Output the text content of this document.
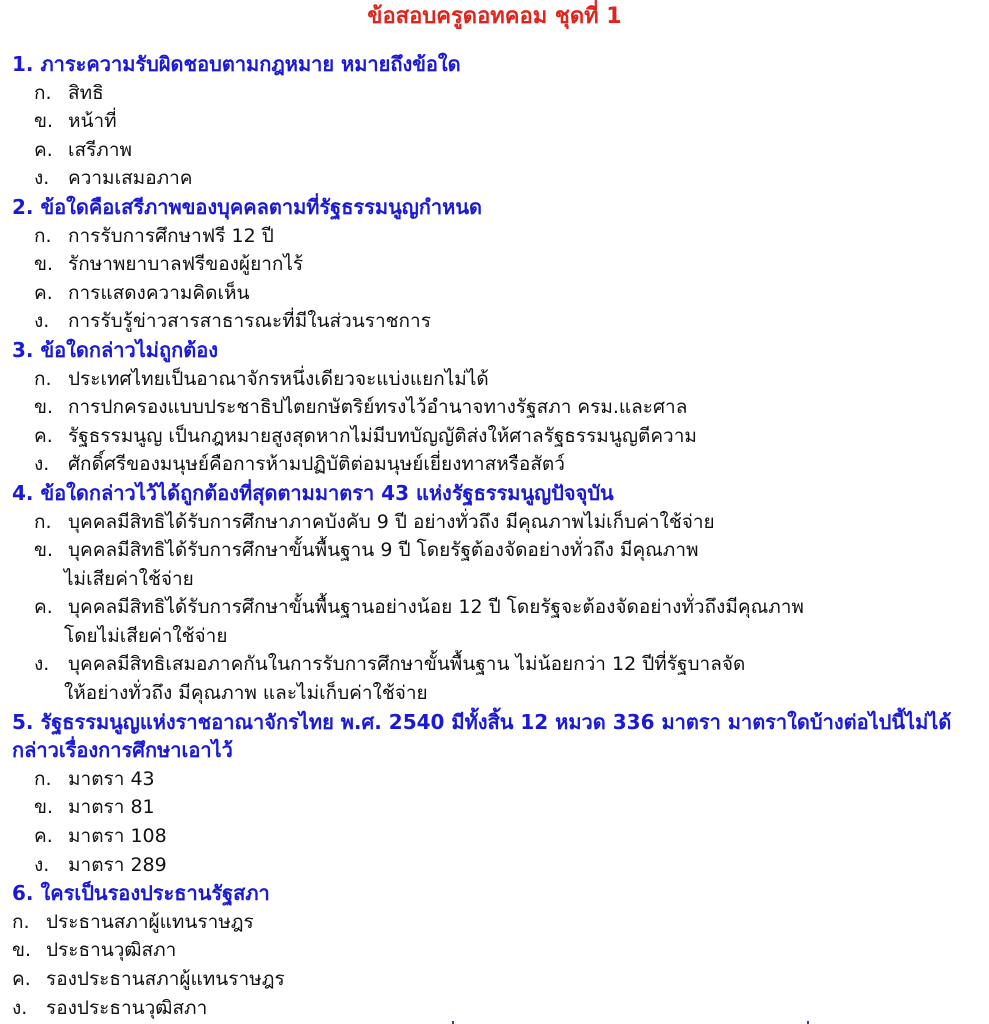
ข้อสอบครูดอทคอม ชุดที่ 1

1. ภาระความรับผิดชอบตามกฎหมาย หมายถึงข้อใด

ก. สิทธิ
ข. หน้าที่
ค. เสรีภาพ
ง. ความเสมอภาค

2. ข้อใดคือเสรีภาพของบุคคลตามที่รัฐธรรมนูญกำหนด

ก. การรับการศึกษาฟรี 12 ปี
ข. รักษาพยาบาลฟรีของผู้ยากไร้
ค. การแสดงความคิดเห็น
ง. การรับรู้ข่าวสารสาธารณะที่มีในส่วนราชการ

3. ข้อใดกล่าวไม่ถูกต้อง

ก. ประเทศไทยเป็นอาณาจักรหนึ่งเดียวจะแบ่งแยกไม่ได้
ข. การปกครองแบบประชาธิปไตยกษัตริย์ทรงไว้อำนาจทางรัฐสภา ครม.และศาล
ค. รัฐธรรมนูญ เป็นกฎหมายสูงสุดหากไม่มีบทบัญญัติส่งให้ศาลรัฐธรรมนูญตีความ
ง. ศักดิ์ศรีของมนุษย์คือการห้ามปฏิบัติต่อมนุษย์เยี่ยงทาสหรือสัตว์

4. ข้อใดกล่าวไว้ได้ถูกต้องที่สุดตามมาตรา 43 แห่งรัฐธรรมนูญปัจจุบัน

ก. บุคคลมีสิทธิได้รับการศึกษาภาคบังคับ 9 ปี อย่างทั่วถึง มีคุณภาพไม่เก็บค่าใช้จ่าย
ข. บุคคลมีสิทธิได้รับการศึกษาขั้นพื้นฐาน 9 ปี โดยรัฐต้องจัดอย่างทั่วถึง มีคุณภาพ
ไม่เสียค่าใช้จ่าย
ค. บุคคลมีสิทธิได้รับการศึกษาขั้นพื้นฐานอย่างน้อย 12 ปี โดยรัฐจะต้องจัดอย่างทั่วถึงมีคุณภาพ
โดยไม่เสียค่าใช้จ่าย
ง. บุคคลมีสิทธิเสมอภาคกันในการรับการศึกษาขั้นพื้นฐาน ไม่น้อยกว่า 12 ปีที่รัฐบาลจัด
ให้อย่างทั่วถึง มีคุณภาพ และไม่เก็บค่าใช้จ่าย

5. รัฐธรรมนูญแห่งราชอาณาจักรไทย พ.ศ. 2540 มีทั้งสิ้น 12 หมวด 336 มาตรา มาตราใดบ้างต่อไปนี้ไม่ได้กล่าวเรื่องการศึกษาเอาไว้

ก. มาตรา 43
ข. มาตรา 81
ค. มาตรา 108
ง. มาตรา 289

6. ใครเป็นรองประธานรัฐสภา

ก. ประธานสภาผู้แทนราษฎร
ข. ประธานวุฒิสภา
ค. รองประธานสภาผู้แทนราษฎร
ง. รองประธานวุฒิสภา
